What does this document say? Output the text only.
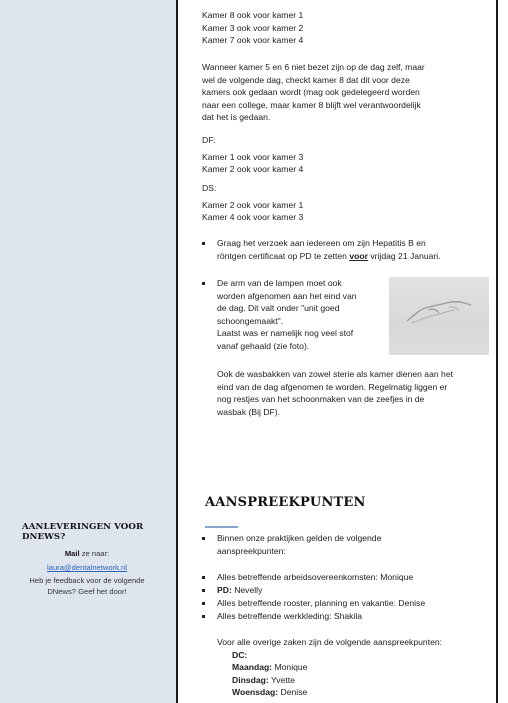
AANLEVERINGEN VOOR DNEWS?
Mail ze naar:
laura@dentalnetwork.nl
Heb je feedback voor de volgende DNews? Geef het door!
Kamer 8 ook voor kamer 1
Kamer 3 ook voor kamer 2
Kamer 7 ook voor kamer 4
Wanneer kamer 5 en 6 niet bezet zijn op de dag zelf, maar
wel de volgende dag, checkt kamer 8 dat dit voor deze
kamers ook gedaan wordt (mag ook gedelegeerd worden
naar een college, maar kamer 8 blijft wel verantwoordelijk
dat het is gedaan.
DF:
Kamer 1 ook voor kamer 3
Kamer 2 ook voor kamer 4
DS:
Kamer 2 ook voor kamer 1
Kamer 4 ook voor kamer 3
Graag het verzoek aan iedereen om zijn Hepatitis B en
röntgen certificaat op PD te zetten voor vrijdag 21 Januari.
De arm van de lampen moet ook
worden afgenomen aan het eind van
de dag. Dit valt onder "unit goed
schoongemaakt".
Laatst was er namelijk nog veel stof
vanaf gehaald (zie foto).
Ook de wasbakken van zowel sterie als kamer dienen aan het
eind van de dag afgenomen te worden. Regelmatig liggen er
nog restjes van het schoonmaken van de zeefjes in de
wasbak (Bij DF).
AANSPREEKPUNTEN
Binnen onze praktijken gelden de volgende
aanspreekpunten:
Alles betreffende arbeidsovereenkomsten: Monique
PD: Nevelly
Alles betreffende rooster, planning en vakantie: Denise
Alles betreffende werkkleding: Shakila
Voor alle overige zaken zijn de volgende aanspreekpunten:
DC:
Maandag: Monique
Dinsdag: Yvette
Woensdag: Denise
